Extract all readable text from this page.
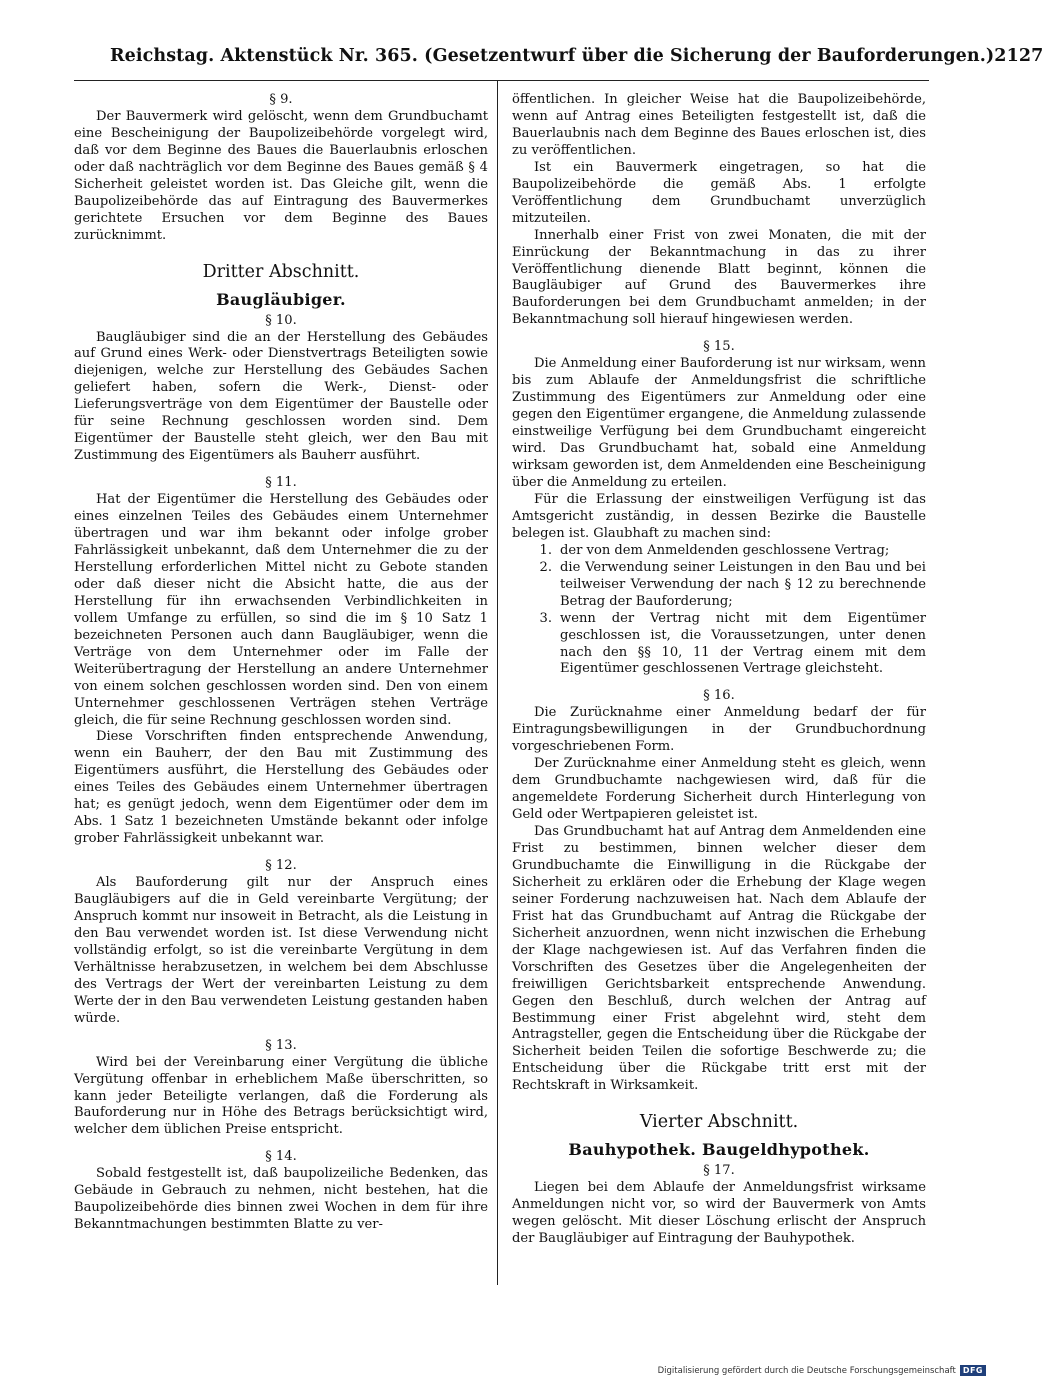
Reichstag. Aktenstück Nr. 365. (Gesetzentwurf über die Sicherung der Bauforderungen.) 2127
§ 9.

Der Bauvermerk wird gelöscht, wenn dem Grundbuchamt eine Bescheinigung der Baupolizeibehörde vorgelegt wird, daß vor dem Beginne des Baues die Bauerlaubnis erloschen oder daß nachträglich vor dem Beginne des Baues gemäß § 4 Sicherheit geleistet worden ist. Das Gleiche gilt, wenn die Baupolizeibehörde das auf Eintragung des Bauvermerkes gerichtete Ersuchen vor dem Beginne des Baues zurücknimmt.

Dritter Abschnitt.
Baugläubiger.
§ 10.

Baugläubiger sind die an der Herstellung des Gebäudes auf Grund eines Werk- oder Dienstvertrags Beteiligten sowie diejenigen, welche zur Herstellung des Gebäudes Sachen geliefert haben, sofern die Werk-, Dienst- oder Lieferungsverträge von dem Eigentümer der Baustelle oder für seine Rechnung geschlossen worden sind. Dem Eigentümer der Baustelle steht gleich, wer den Bau mit Zustimmung des Eigentümers als Bauherr ausführt.

§ 11.

Hat der Eigentümer die Herstellung des Gebäudes oder eines einzelnen Teiles des Gebäudes einem Unternehmer übertragen und war ihm bekannt oder infolge grober Fahrlässigkeit unbekannt, daß dem Unternehmer die zu der Herstellung erforderlichen Mittel nicht zu Gebote standen oder daß dieser nicht die Absicht hatte, die aus der Herstellung für ihn erwachsenden Verbindlichkeiten in vollem Umfange zu erfüllen, so sind die im § 10 Satz 1 bezeichneten Personen auch dann Baugläubiger, wenn die Verträge von dem Unternehmer oder im Falle der Weiterübertragung der Herstellung an andere Unternehmer von einem solchen geschlossen worden sind. Den von einem Unternehmer geschlossenen Verträgen stehen Verträge gleich, die für seine Rechnung geschlossen worden sind.

Diese Vorschriften finden entsprechende Anwendung, wenn ein Bauherr, der den Bau mit Zustimmung des Eigentümers ausführt, die Herstellung des Gebäudes oder eines Teiles des Gebäudes einem Unternehmer übertragen hat; es genügt jedoch, wenn dem Eigentümer oder dem im Abs. 1 Satz 1 bezeichneten Umstände bekannt oder infolge grober Fahrlässigkeit unbekannt war.

§ 12.

Als Bauforderung gilt nur der Anspruch eines Baugläubigers auf die in Geld vereinbarte Vergütung; der Anspruch kommt nur insoweit in Betracht, als die Leistung in den Bau verwendet worden ist. Ist diese Verwendung nicht vollständig erfolgt, so ist die vereinbarte Vergütung in dem Verhältnisse herabzusetzen, in welchem bei dem Abschlusse des Vertrags der Wert der vereinbarten Leistung zu dem Werte der in den Bau verwendeten Leistung gestanden haben würde.

§ 13.

Wird bei der Vereinbarung einer Vergütung die übliche Vergütung offenbar in erheblichem Maße überschritten, so kann jeder Beteiligte verlangen, daß die Forderung als Bauforderung nur in Höhe des Betrags berücksichtigt wird, welcher dem üblichen Preise entspricht.

§ 14.

Sobald festgestellt ist, daß baupolizeiliche Bedenken, das Gebäude in Gebrauch zu nehmen, nicht bestehen, hat die Baupolizeibehörde dies binnen zwei Wochen in dem für ihre Bekanntmachungen bestimmten Blatte zu ver-

öffentlichen. In gleicher Weise hat die Baupolizeibehörde, wenn auf Antrag eines Beteiligten festgestellt ist, daß die Bauerlaubnis nach dem Beginne des Baues erloschen ist, dies zu veröffentlichen.

Ist ein Bauvermerk eingetragen, so hat die Baupolizeibehörde die gemäß Abs. 1 erfolgte Veröffentlichung dem Grundbuchamt unverzüglich mitzuteilen.

Innerhalb einer Frist von zwei Monaten, die mit der Einrückung der Bekanntmachung in das zu ihrer Veröffentlichung dienende Blatt beginnt, können die Baugläubiger auf Grund des Bauvermerkes ihre Bauforderungen bei dem Grundbuchamt anmelden; in der Bekanntmachung soll hierauf hingewiesen werden.

§ 15.

Die Anmeldung einer Bauforderung ist nur wirksam, wenn bis zum Ablaufe der Anmeldungsfrist die schriftliche Zustimmung des Eigentümers zur Anmeldung oder eine gegen den Eigentümer ergangene, die Anmeldung zulassende einstweilige Verfügung bei dem Grundbuchamt eingereicht wird. Das Grundbuchamt hat, sobald eine Anmeldung wirksam geworden ist, dem Anmeldenden eine Bescheinigung über die Anmeldung zu erteilen.

Für die Erlassung der einstweiligen Verfügung ist das Amtsgericht zuständig, in dessen Bezirke die Baustelle belegen ist. Glaubhaft zu machen sind:

1. der von dem Anmeldenden geschlossene Vertrag;
2. die Verwendung seiner Leistungen in den Bau und bei teilweiser Verwendung der nach § 12 zu berechnende Betrag der Bauforderung;
3. wenn der Vertrag nicht mit dem Eigentümer geschlossen ist, die Voraussetzungen, unter denen nach den §§ 10, 11 der Vertrag einem mit dem Eigentümer geschlossenen Vertrage gleichsteht.
§ 16.

Die Zurücknahme einer Anmeldung bedarf der für Eintragungsbewilligungen in der Grundbuchordnung vorgeschriebenen Form.

Der Zurücknahme einer Anmeldung steht es gleich, wenn dem Grundbuchamte nachgewiesen wird, daß für die angemeldete Forderung Sicherheit durch Hinterlegung von Geld oder Wertpapieren geleistet ist.

Das Grundbuchamt hat auf Antrag dem Anmeldenden eine Frist zu bestimmen, binnen welcher dieser dem Grundbuchamte die Einwilligung in die Rückgabe der Sicherheit zu erklären oder die Erhebung der Klage wegen seiner Forderung nachzuweisen hat. Nach dem Ablaufe der Frist hat das Grundbuchamt auf Antrag die Rückgabe der Sicherheit anzuordnen, wenn nicht inzwischen die Erhebung der Klage nachgewiesen ist. Auf das Verfahren finden die Vorschriften des Gesetzes über die Angelegenheiten der freiwilligen Gerichtsbarkeit entsprechende Anwendung. Gegen den Beschluß, durch welchen der Antrag auf Bestimmung einer Frist abgelehnt wird, steht dem Antragsteller, gegen die Entscheidung über die Rückgabe der Sicherheit beiden Teilen die sofortige Beschwerde zu; die Entscheidung über die Rückgabe tritt erst mit der Rechtskraft in Wirksamkeit.

Vierter Abschnitt.
Bauhypothek. Baugeldhypothek.
§ 17.

Liegen bei dem Ablaufe der Anmeldungsfrist wirksame Anmeldungen nicht vor, so wird der Bauvermerk von Amts wegen gelöscht. Mit dieser Löschung erlischt der Anspruch der Baugläubiger auf Eintragung der Bauhypothek.

Digitalisierung gefördert durch die Deutsche Forschungsgemeinschaft DFG
